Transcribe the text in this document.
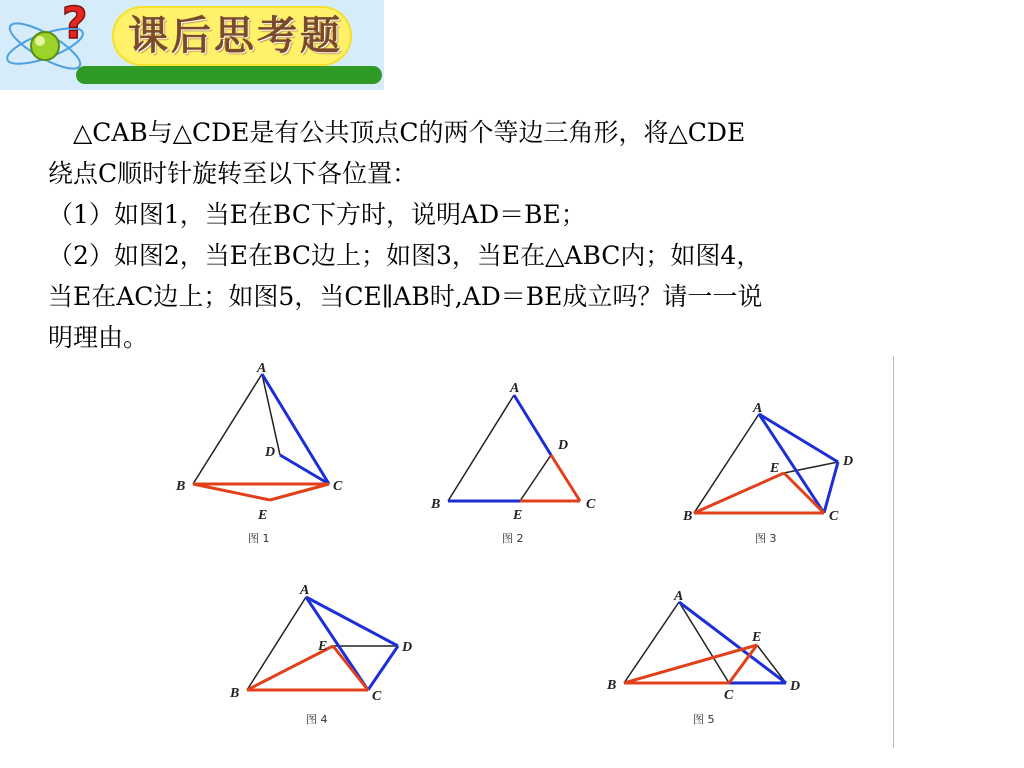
? 课后思考题

　△CAB与△CDE是有公共顶点C的两个等边三角形，将△CDE

绕点C顺时针旋转至以下各位置：

（1）如图1，当E在BC下方时，说明AD＝BE；

（2）如图2，当E在BC边上；如图3，当E在△ABC内；如图4，

当E在AC边上；如图5，当CE∥AB时,AD＝BE成立吗？请一一说

明理由。

A
B	C
D
E
图 1
A
B	C
D
E
图 2
A
B	C
D
E
图 3
A
B	C
D
E
图 4
A
B
C
D
E
图 5
